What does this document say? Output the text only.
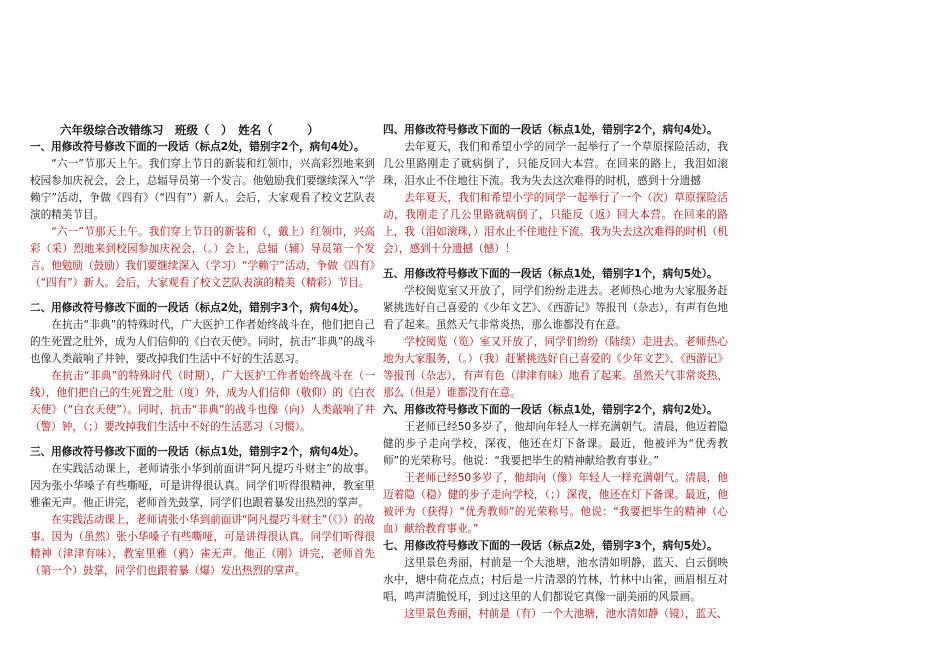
六年级综合改错练习　班级（　）　姓名（　　　）

一、用修改符号修改下面的一段话（标点2处，错别字2个，病句4处）。

“六一”节那天上午。我们穿上节日的新装和红领巾，兴高彩烈地来到校园参加庆祝会，会上，总辐导员第一个发言。他勉励我们要继续深入“学赖宁”活动，争做《四有》（“四有”）新人。会后，大家观看了校文艺队表演的精美节目。

“六一”节那天上午。我们穿上节日的新装和（，戴上）红领巾，兴高彩（采）烈地来到校园参加庆祝会，（。）会上，总辐（辅）导员第一个发言。他勉励（鼓励）我们要继续深入（学习）“学赖宁”活动，争做《四有》（“四有”）新人。会后，大家观看了校文艺队表演的精美（精彩）节目。

二、用修改符号修改下面的一段话（标点2处，错别字3个，病句4处）。

在抗击“非典”的特殊时代，广大医护工作者始终战斗在，他们把自己的生死置之肚外，成为人们信仰的《白衣天使》。同时，抗击“非典”的战斗也像人类敲响了井钟，要改掉我们生活中不好的生活恶习。

在抗击“非典”的特殊时代（时期），广大医护工作者始终战斗在（一线），他们把自己的生死置之肚（度）外，成为人们信仰（敬仰）的《白衣天使》（“白衣天使”）。同时，抗击“非典”的战斗也像（向）人类敲响了井（警）钟，（；）要改掉我们生活中不好的生活恶习（习惯）。

三、用修改符号修改下面的一段话（标点1处，错别字2个，病句4处）。

在实践活动课上，老师请张小华到前面讲“阿凡提巧斗财主”的故事。因为张小华嗓子有些嘶哑，可是讲得很认真。同学们听得很精神，教室里雅雀无声。他正讲完，老师首先鼓掌，同学们也跟着暴发出热烈的掌声。

在实践活动课上，老师请张小华到前面讲“阿凡提巧斗财主”（《》）的故事。因为（虽然）张小华嗓子有些嘶哑，可是讲得很认真。同学们听得很精神（津津有味），教室里雅（鸦）雀无声。他正（刚）讲完，老师首先（第一个）鼓掌，同学们也跟着暴（爆）发出热烈的掌声。

四、用修改符号修改下面的一段话（标点1处，错别字2个，病句4处）。

去年夏天，我们和希望小学的同学一起举行了一个草原探险活动，我几公里路刚走了就病倒了，只能反回大本营。在回来的路上，我泪如滚珠，泪水止不住地往下流。我为失去这次难得的时机，感到十分遗撼

去年夏天，我们和希望小学的同学一起举行了一个（次）草原探险活动，我刚走了几公里路就病倒了，只能反（返）回大本营。在回来的路上，我（泪如滚珠，）泪水止不住地往下流。我为失去这次难得的时机（机会），感到十分遗撼（憾）！

五、用修改符号修改下面的一段话（标点1处，错别字1个，病句5处）。

学校阅览室又开放了，同学们纷纷走进去。老师热心地为大家服务赶紧挑选好自己喜爱的《少年文艺》、《西游记》等报刊（杂志），有声有色地看了起来。虽然天气非常炎热，那么谁都没有在意。

学校阅览（览）室又开放了，同学们纷纷（陆续）走进去。老师热心地为大家服务，（。）（我）赶紧挑选好自己喜爱的《少年文艺》、《西游记》等报刊（杂志），有声有色（津津有味）地看了起来。虽然天气非常炎热，那么（但是）谁都没有在意。

六、用修改符号修改下面的一段话（标点1处，错别字2个，病句2处）。

王老师已经50多岁了，他却向年轻人一样充满朝气。清晨，他迈着隐健的步子走向学校，深夜，他还在灯下备课。最近，他被评为“优秀教师”的光荣称号。他说：“我要把毕生的精神献给教育事业。”

王老师已经50多岁了，他却向（像）年轻人一样充满朝气。清晨，他迈着隐（稳）健的步子走向学校，（；）深夜，他还在灯下备课。最近，他被评为（获得）“优秀教师”的光荣称号。他说：“我要把毕生的精神（心血）献给教育事业。”

七、用修改符号修改下面的一段话（标点2处，错别字3个，病句5处）。

这里景色秀丽，村前是一个大池塘，池水清如明静，蓝天、白云倒映水中，塘中荷花点点；村后是一片清翠的竹林，竹林中山雀，画眉相互对唱，鸣声清脆悦耳，到过这里的人们都说它真像一副美丽的风景画。

这里景色秀丽，村前是（有）一个大池塘，池水清如静（镜），蓝天、
